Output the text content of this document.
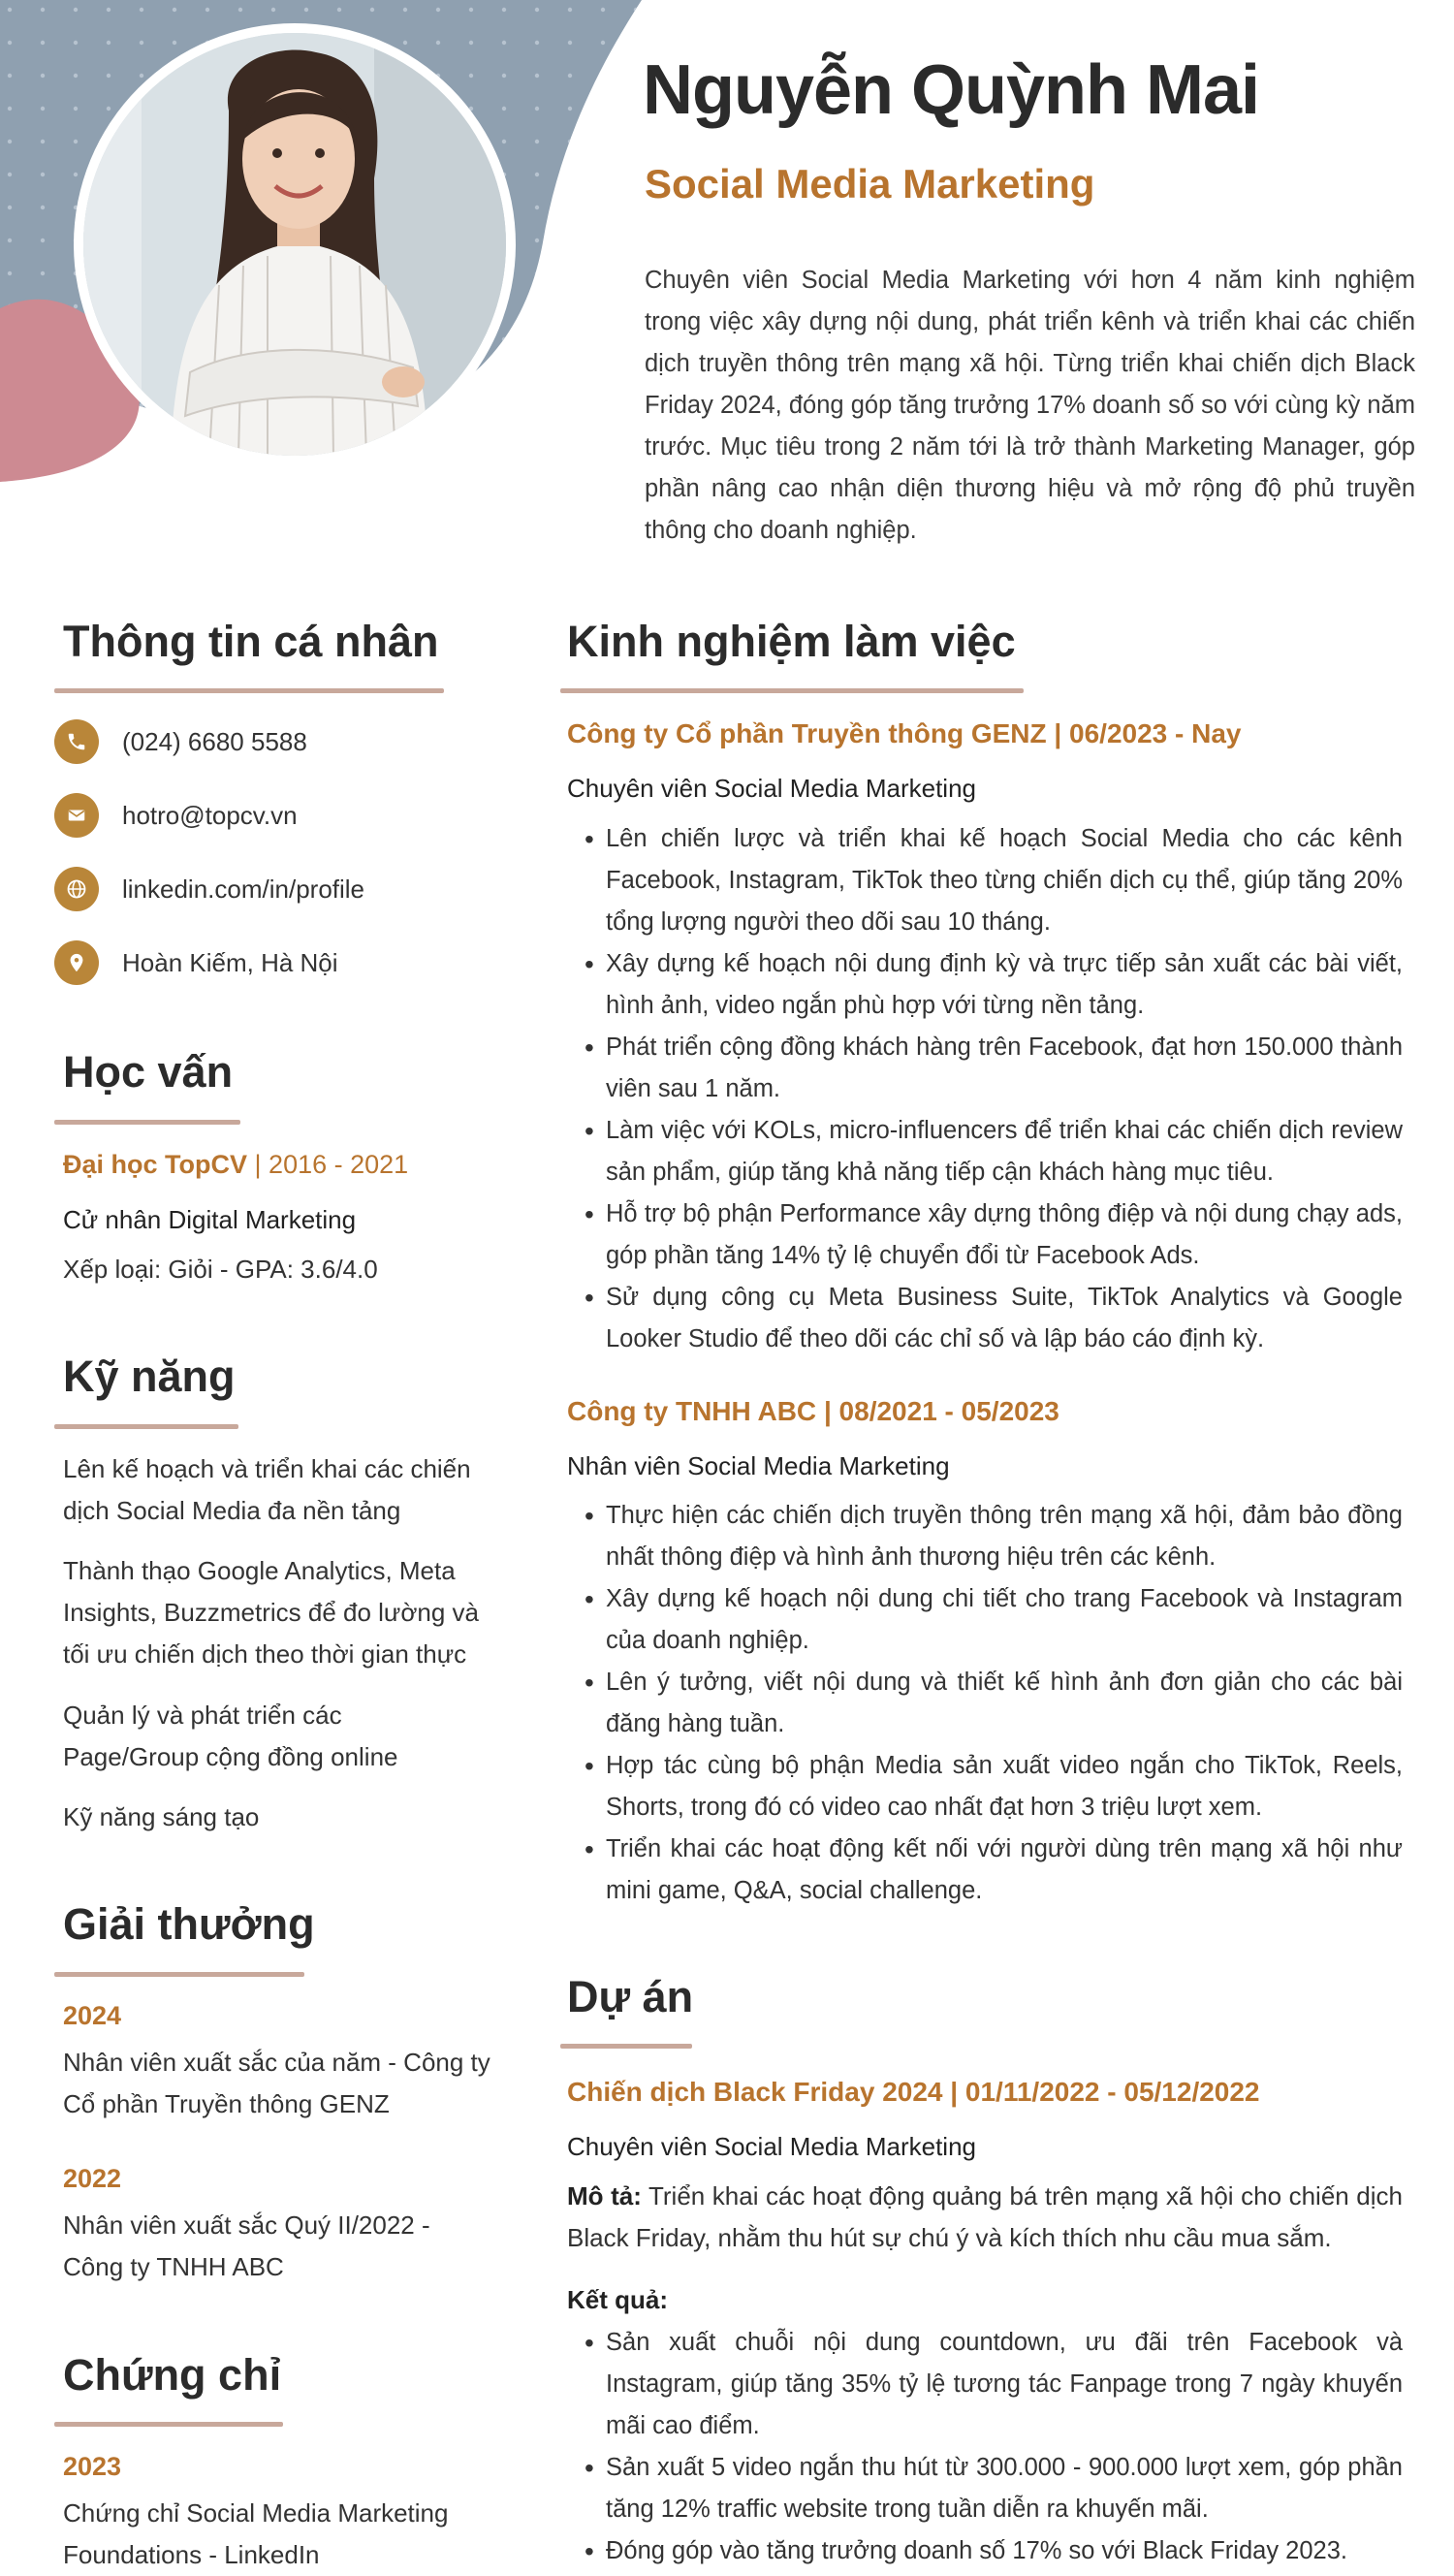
Nguyễn Quỳnh Mai
Social Media Marketing
Chuyên viên Social Media Marketing với hơn 4 năm kinh nghiệm trong việc xây dựng nội dung, phát triển kênh và triển khai các chiến dịch truyền thông trên mạng xã hội. Từng triển khai chiến dịch Black Friday 2024, đóng góp tăng trưởng 17% doanh số so với cùng kỳ năm trước. Mục tiêu trong 2 năm tới là trở thành Marketing Manager, góp phần nâng cao nhận diện thương hiệu và mở rộng độ phủ truyền thông cho doanh nghiệp.
Thông tin cá nhân
(024) 6680 5588
hotro@topcv.vn
linkedin.com/in/profile
Hoàn Kiếm, Hà Nội
Học vấn
Đại học TopCV | 2016 - 2021
Cử nhân Digital Marketing
Xếp loại: Giỏi - GPA: 3.6/4.0
Kỹ năng
Lên kế hoạch và triển khai các chiến dịch Social Media đa nền tảng
Thành thạo Google Analytics, Meta Insights, Buzzmetrics để đo lường và tối ưu chiến dịch theo thời gian thực
Quản lý và phát triển các Page/Group cộng đồng online
Kỹ năng sáng tạo
Giải thưởng
2024
Nhân viên xuất sắc của năm - Công ty Cổ phần Truyền thông GENZ
2022
Nhân viên xuất sắc Quý II/2022 - Công ty TNHH ABC
Chứng chỉ
2023
Chứng chỉ Social Media Marketing Foundations - LinkedIn
Kinh nghiệm làm việc
Công ty Cổ phần Truyền thông GENZ | 06/2023 - Nay
Chuyên viên Social Media Marketing
• Lên chiến lược và triển khai kế hoạch Social Media cho các kênh Facebook, Instagram, TikTok theo từng chiến dịch cụ thể, giúp tăng 20% tổng lượng người theo dõi sau 10 tháng.
• Xây dựng kế hoạch nội dung định kỳ và trực tiếp sản xuất các bài viết, hình ảnh, video ngắn phù hợp với từng nền tảng.
• Phát triển cộng đồng khách hàng trên Facebook, đạt hơn 150.000 thành viên sau 1 năm.
• Làm việc với KOLs, micro-influencers để triển khai các chiến dịch review sản phẩm, giúp tăng khả năng tiếp cận khách hàng mục tiêu.
• Hỗ trợ bộ phận Performance xây dựng thông điệp và nội dung chạy ads, góp phần tăng 14% tỷ lệ chuyển đổi từ Facebook Ads.
• Sử dụng công cụ Meta Business Suite, TikTok Analytics và Google Looker Studio để theo dõi các chỉ số và lập báo cáo định kỳ.
Công ty TNHH ABC | 08/2021 - 05/2023
Nhân viên Social Media Marketing
• Thực hiện các chiến dịch truyền thông trên mạng xã hội, đảm bảo đồng nhất thông điệp và hình ảnh thương hiệu trên các kênh.
• Xây dựng kế hoạch nội dung chi tiết cho trang Facebook và Instagram của doanh nghiệp.
• Lên ý tưởng, viết nội dung và thiết kế hình ảnh đơn giản cho các bài đăng hàng tuần.
• Hợp tác cùng bộ phận Media sản xuất video ngắn cho TikTok, Reels, Shorts, trong đó có video cao nhất đạt hơn 3 triệu lượt xem.
• Triển khai các hoạt động kết nối với người dùng trên mạng xã hội như mini game, Q&A, social challenge.
Dự án
Chiến dịch Black Friday 2024 | 01/11/2022 - 05/12/2022
Chuyên viên Social Media Marketing
Mô tả: Triển khai các hoạt động quảng bá trên mạng xã hội cho chiến dịch Black Friday, nhằm thu hút sự chú ý và kích thích nhu cầu mua sắm.
Kết quả:
• Sản xuất chuỗi nội dung countdown, ưu đãi trên Facebook và Instagram, giúp tăng 35% tỷ lệ tương tác Fanpage trong 7 ngày khuyến mãi cao điểm.
• Sản xuất 5 video ngắn thu hút từ 300.000 - 900.000 lượt xem, góp phần tăng 12% traffic website trong tuần diễn ra khuyến mãi.
• Đóng góp vào tăng trưởng doanh số 17% so với Black Friday 2023.
